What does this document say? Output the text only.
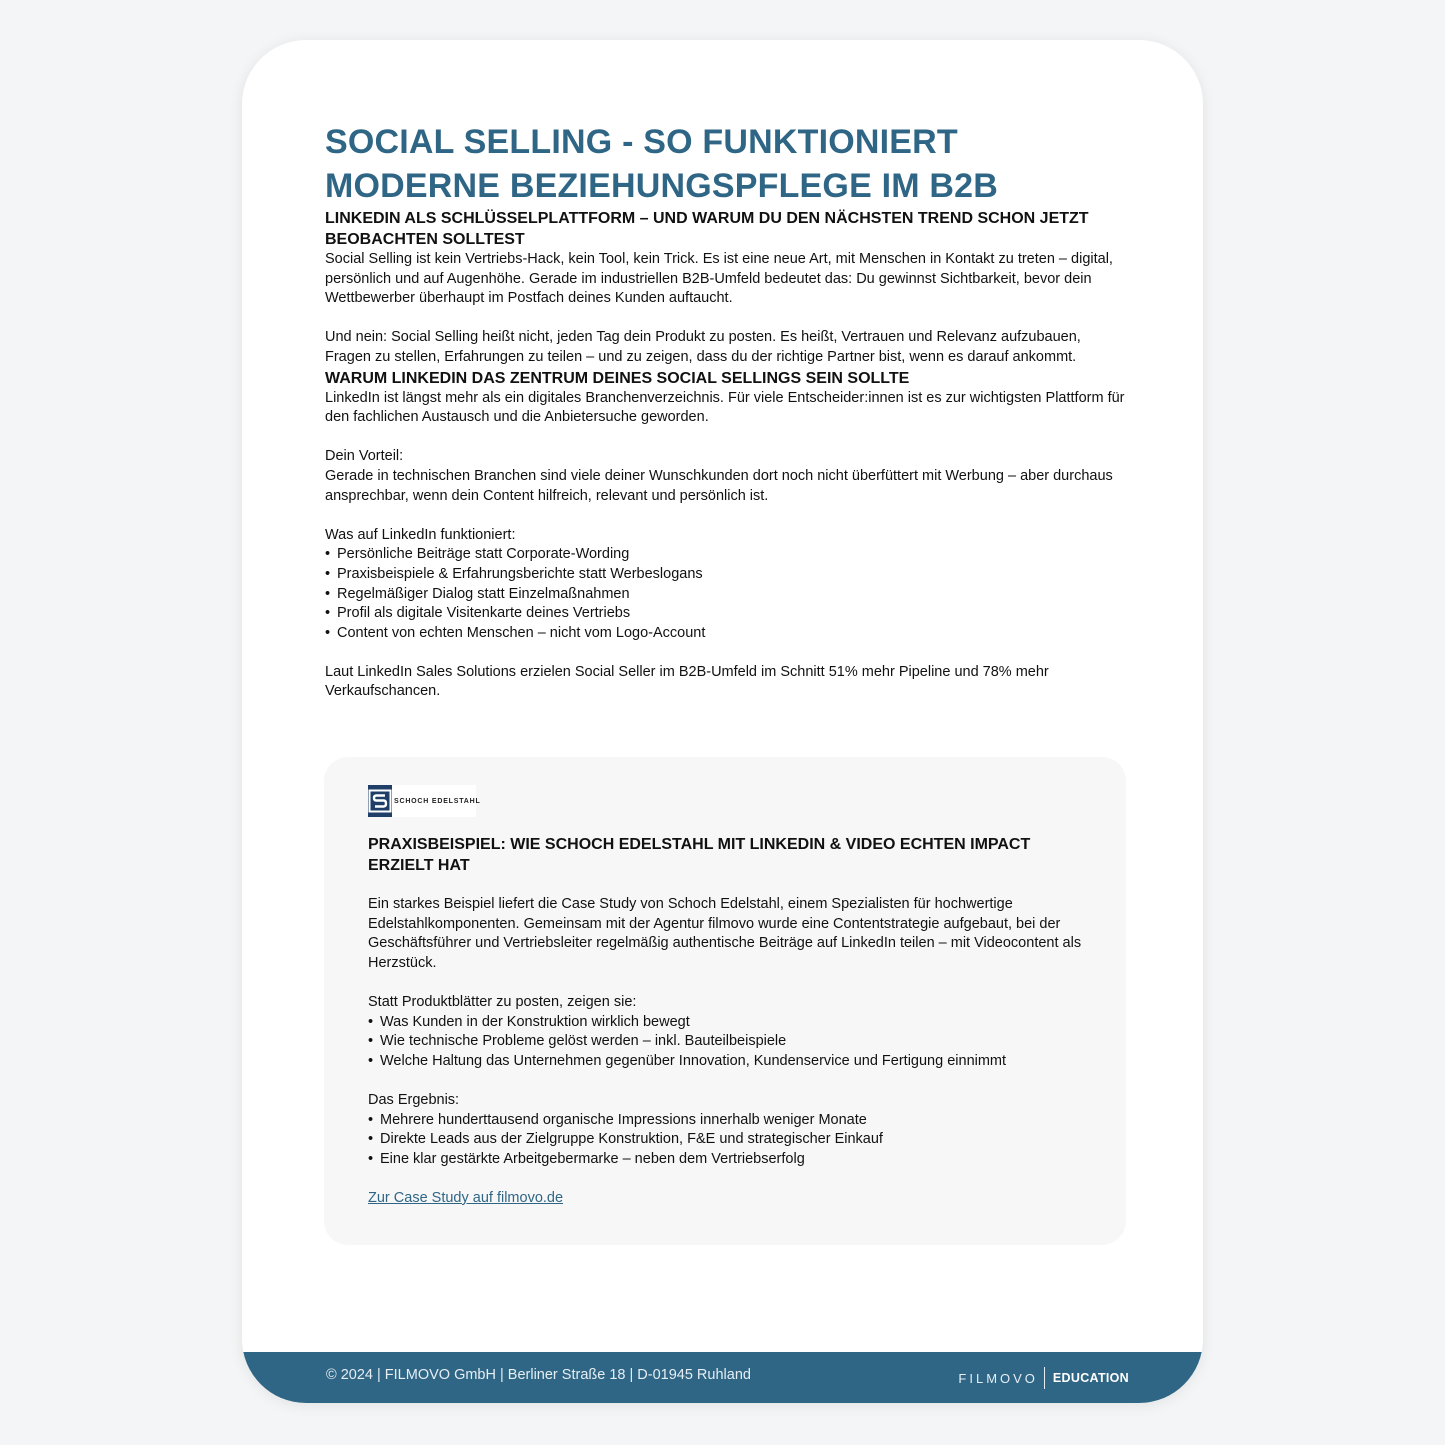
SOCIAL SELLING - SO FUNKTIONIERT MODERNE BEZIEHUNGSPFLEGE IM B2B
LINKEDIN ALS SCHLÜSSELPLATTFORM – UND WARUM DU DEN NÄCHSTEN TREND SCHON JETZT BEOBACHTEN SOLLTEST

Social Selling ist kein Vertriebs-Hack, kein Tool, kein Trick. Es ist eine neue Art, mit Menschen in Kontakt zu treten – digital, persönlich und auf Augenhöhe. Gerade im industriellen B2B-Umfeld bedeutet das: Du gewinnst Sichtbarkeit, bevor dein Wettbewerber überhaupt im Postfach deines Kunden auftaucht.

Und nein: Social Selling heißt nicht, jeden Tag dein Produkt zu posten. Es heißt, Vertrauen und Relevanz aufzubauen, Fragen zu stellen, Erfahrungen zu teilen – und zu zeigen, dass du der richtige Partner bist, wenn es darauf ankommt.

WARUM LINKEDIN DAS ZENTRUM DEINES SOCIAL SELLINGS SEIN SOLLTE

LinkedIn ist längst mehr als ein digitales Branchenverzeichnis. Für viele Entscheider:innen ist es zur wichtigsten Plattform für den fachlichen Austausch und die Anbietersuche geworden.

Dein Vorteil:

Gerade in technischen Branchen sind viele deiner Wunschkunden dort noch nicht überfüttert mit Werbung – aber durchaus ansprechbar, wenn dein Content hilfreich, relevant und persönlich ist.

Was auf LinkedIn funktioniert:

• Persönliche Beiträge statt Corporate-Wording
• Praxisbeispiele & Erfahrungsberichte statt Werbeslogans
• Regelmäßiger Dialog statt Einzelmaßnahmen
• Profil als digitale Visitenkarte deines Vertriebs
• Content von echten Menschen – nicht vom Logo-Account

Laut LinkedIn Sales Solutions erzielen Social Seller im B2B-Umfeld im Schnitt 51% mehr Pipeline und 78% mehr Verkaufschancen.

SCHOCH EDELSTAHL
PRAXISBEISPIEL: WIE SCHOCH EDELSTAHL MIT LINKEDIN & VIDEO ECHTEN IMPACT ERZIELT HAT

Ein starkes Beispiel liefert die Case Study von Schoch Edelstahl, einem Spezialisten für hochwertige Edelstahlkomponenten. Gemeinsam mit der Agentur filmovo wurde eine Contentstrategie aufgebaut, bei der Geschäftsführer und Vertriebsleiter regelmäßig authentische Beiträge auf LinkedIn teilen – mit Videocontent als Herzstück.

Statt Produktblätter zu posten, zeigen sie:

• Was Kunden in der Konstruktion wirklich bewegt
• Wie technische Probleme gelöst werden – inkl. Bauteilbeispiele
• Welche Haltung das Unternehmen gegenüber Innovation, Kundenservice und Fertigung einnimmt

Das Ergebnis:

• Mehrere hunderttausend organische Impressions innerhalb weniger Monate
• Direkte Leads aus der Zielgruppe Konstruktion, F&E und strategischer Einkauf
• Eine klar gestärkte Arbeitgebermarke – neben dem Vertriebserfolg
Zur Case Study auf filmovo.de
© 2024 | FILMOVO GmbH | Berliner Straße 18 | D-01945 Ruhland	FILMOVO	EDUCATION
